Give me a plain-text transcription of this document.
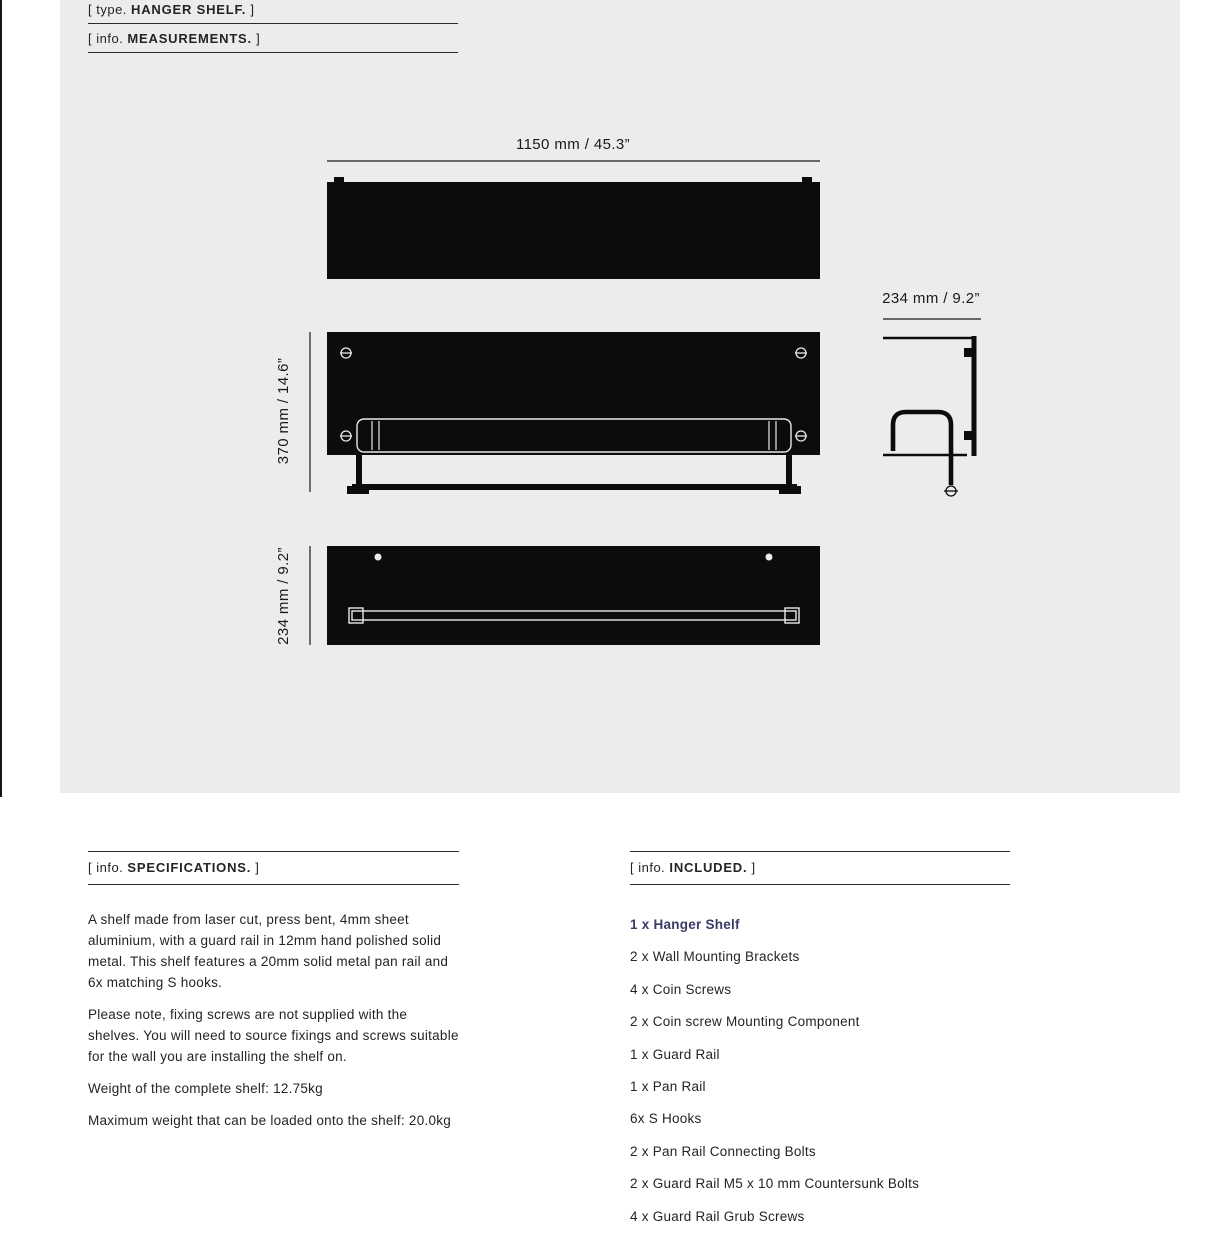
[ type. HANGER SHELF. ]
[ info. MEASUREMENTS. ]
1150 mm / 45.3”
370 mm / 14.6”
234 mm / 9.2”
234 mm / 9.2”
[ info. SPECIFICATIONS. ]

A shelf made from laser cut, press bent, 4mm sheet aluminium, with a guard rail in 12mm hand polished solid metal. This shelf features a 20mm solid metal pan rail and 6x matching S hooks.

Please note, fixing screws are not supplied with the shelves. You will need to source fixings and screws suitable for the wall you are installing the shelf on.

Weight of the complete shelf: 12.75kg

Maximum weight that can be loaded onto the shelf: 20.0kg

[ info. INCLUDED. ]
1 x Hanger Shelf
2 x Wall Mounting Brackets
4 x Coin Screws
2 x Coin screw Mounting Component
1 x Guard Rail
1 x Pan Rail
6x S Hooks
2 x Pan Rail Connecting Bolts
2 x Guard Rail M5 x 10 mm Countersunk Bolts
4 x Guard Rail Grub Screws
